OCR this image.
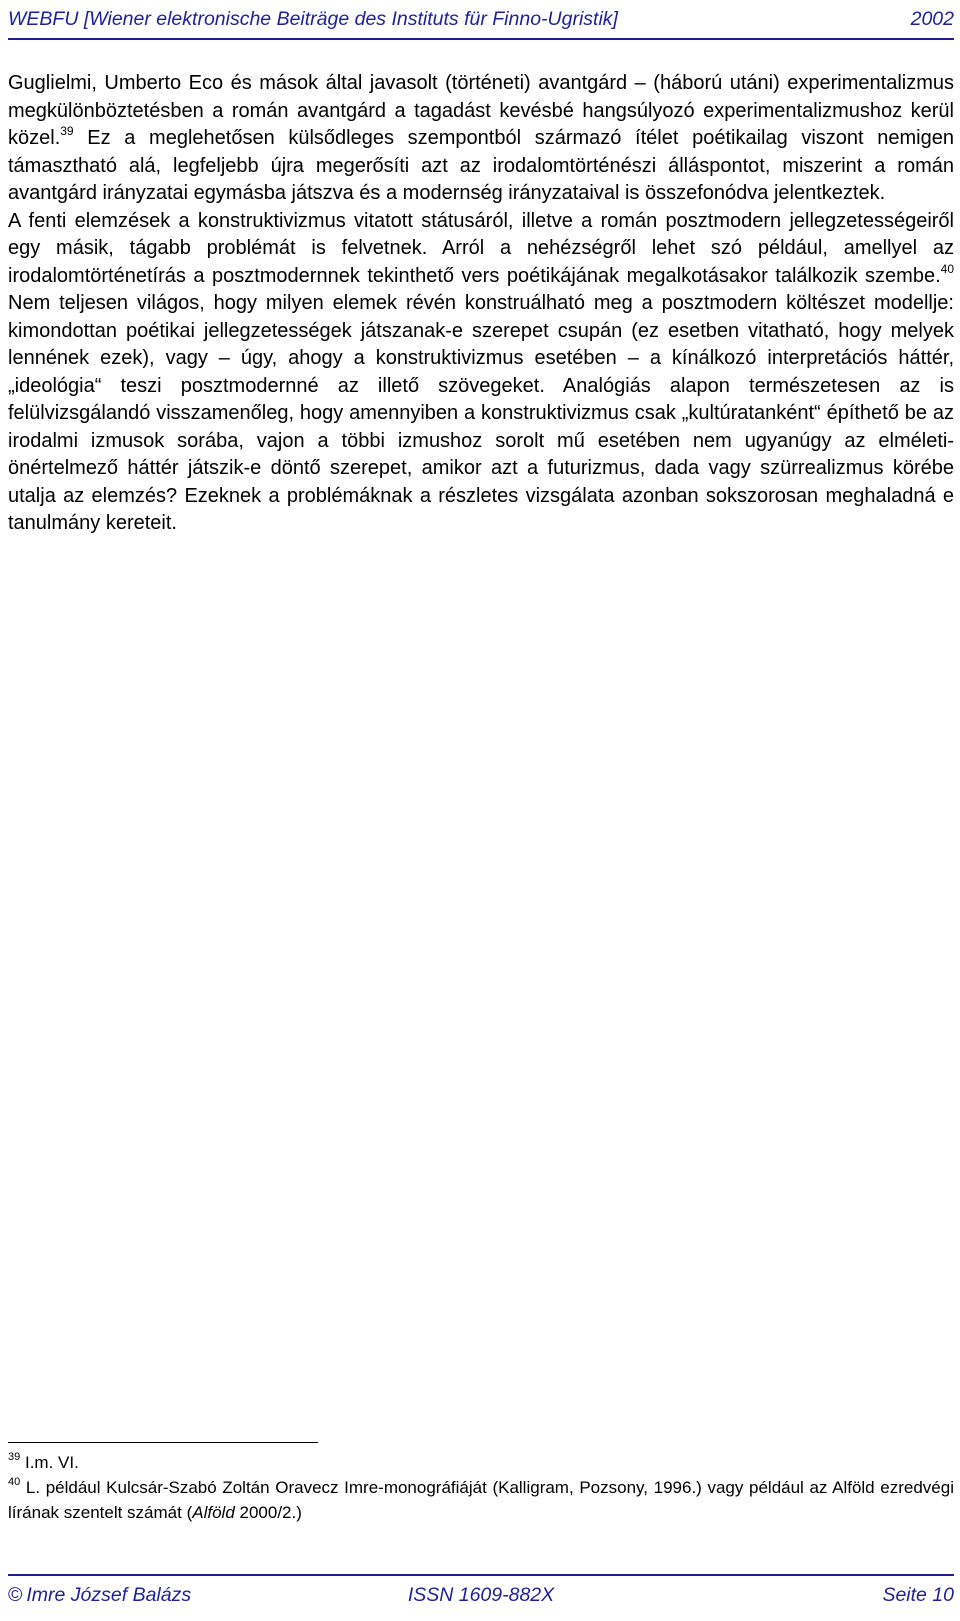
WEBFU [Wiener elektronische Beiträge des Instituts für Finno-Ugristik]	2002

Guglielmi, Umberto Eco és mások által javasolt (történeti) avantgárd – (háború utáni) experimentalizmus megkülönböztetésben a román avantgárd a tagadást kevésbé hangsúlyozó experimentalizmushoz kerül közel.$^{39}$ Ez a meglehetősen külsődleges szempontból származó ítélet poétikailag viszont nemigen támasztható alá, legfeljebb újra megerősíti azt az irodalomtörténészi álláspontot, miszerint a román avantgárd irányzatai egymásba játszva és a modernség irányzataival is összefonódva jelentkeztek.

A fenti elemzések a konstruktivizmus vitatott státusáról, illetve a román posztmodern jellegzetességeiről egy másik, tágabb problémát is felvetnek. Arról a nehézségről lehet szó például, amellyel az irodalomtörténetírás a posztmodernnek tekinthető vers poétikájának megalkotásakor találkozik szembe.$^{40}$ Nem teljesen világos, hogy milyen elemek révén konstruálható meg a posztmodern költészet modellje: kimondottan poétikai jellegzetességek játszanak-e szerepet csupán (ez esetben vitatható, hogy melyek lennének ezek), vagy – úgy, ahogy a konstruktivizmus esetében – a kínálkozó interpretációs háttér, „ideológia“ teszi posztmodernné az illető szövegeket. Analógiás alapon természetesen az is felülvizsgálandó visszamenőleg, hogy amennyiben a konstruktivizmus csak „kultúratanként“ építhető be az irodalmi izmusok sorába, vajon a többi izmushoz sorolt mű esetében nem ugyanúgy az elméleti-önértelmező háttér játszik-e döntő szerepet, amikor azt a futurizmus, dada vagy szürrealizmus körébe utalja az elemzés? Ezeknek a problémáknak a részletes vizsgálata azonban sokszorosan meghaladná e tanulmány kereteit.

$^{39}$ I.m. VI.

$^{40}$ L. például Kulcsár-Szabó Zoltán Oravecz Imre-monográfiáját (Kalligram, Pozsony, 1996.) vagy például az Alföld ezredvégi lírának szentelt számát (Alföld 2000/2.)

© Imre József Balázs	ISSN 1609-882X	Seite 10
